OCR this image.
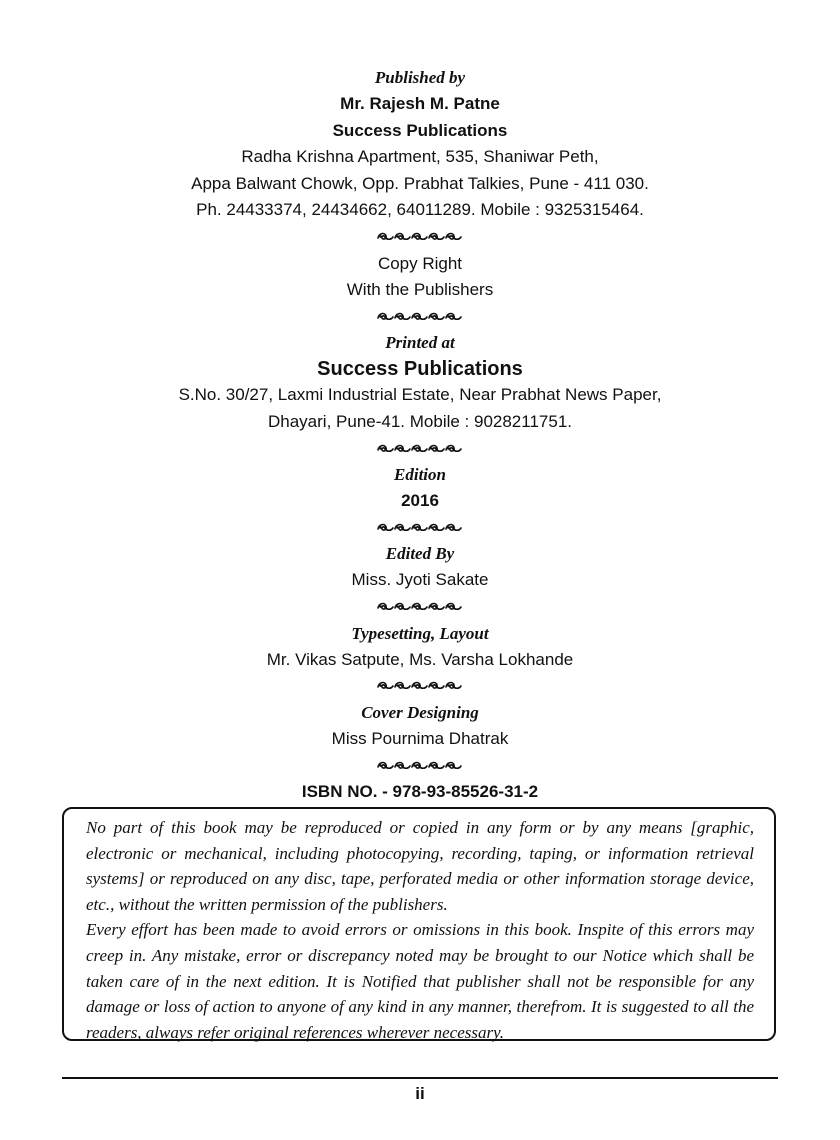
Published by
Mr. Rajesh M. Patne
Success Publications
Radha Krishna Apartment, 535, Shaniwar Peth,
Appa Balwant Chowk, Opp. Prabhat Talkies, Pune - 411 030.
Ph. 24433374, 24434662, 64011289. Mobile : 9325315464.
Copy Right
With the Publishers
Printed at
Success Publications
S.No. 30/27, Laxmi Industrial Estate, Near Prabhat News Paper,
Dhayari, Pune-41. Mobile : 9028211751.
Edition
2016
Edited By
Miss. Jyoti Sakate
Typesetting, Layout
Mr. Vikas Satpute, Ms. Varsha Lokhande
Cover Designing
Miss Pournima Dhatrak
ISBN NO. - 978-93-85526-31-2

No part of this book may be reproduced or copied in any form or by any means [graphic, electronic or mechanical, including photocopying, recording, taping, or information retrieval systems] or reproduced on any disc, tape, perforated media or other information storage device, etc., without the written permission of the publishers.

Every effort has been made to avoid errors or omissions in this book. Inspite of this errors may creep in. Any mistake, error or discrepancy noted may be brought to our Notice which shall be taken care of in the next edition. It is Notified that publisher shall not be responsible for any damage or loss of action to anyone of any kind in any manner, therefrom. It is suggested to all the readers, always refer original references wherever necessary.

ii
